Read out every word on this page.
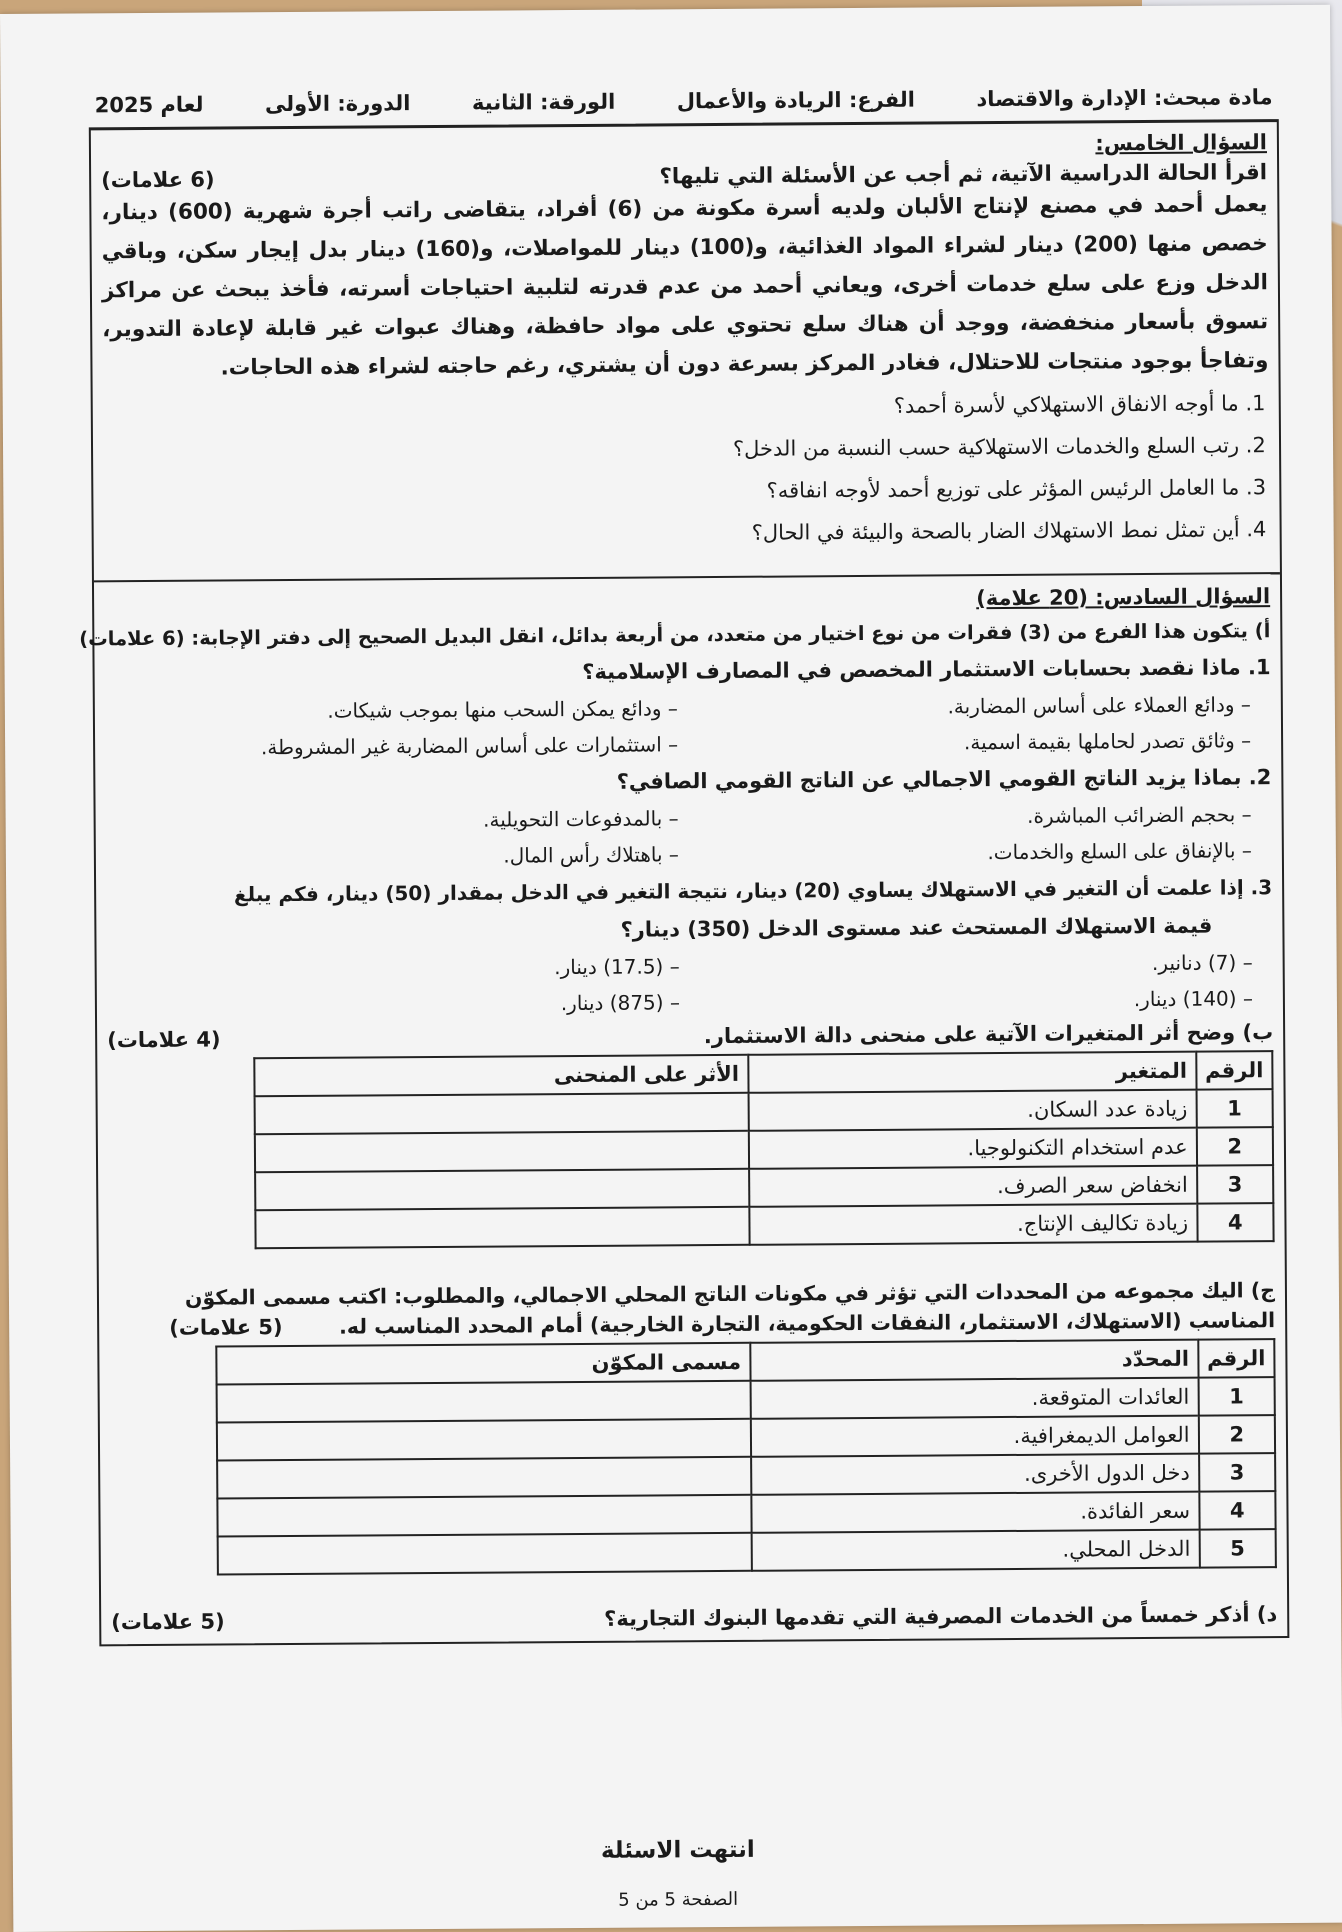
مادة مبحث: الإدارة والاقتصاد
الفرع: الريادة والأعمال
الورقة: الثانية
الدورة: الأولى
لعام 2025
السؤال الخامس:
اقرأ الحالة الدراسية الآتية، ثم أجب عن الأسئلة التي تليها؟
(6 علامات)
يعمل أحمد في مصنع لإنتاج الألبان ولديه أسرة مكونة من (6) أفراد، يتقاضى راتب أجرة شهرية (600) دينار، خصص منها (200) دينار لشراء المواد الغذائية، و(100) دينار للمواصلات، و(160) دينار بدل إيجار سكن، وباقي الدخل وزع على سلع خدمات أخرى، ويعاني أحمد من عدم قدرته لتلبية احتياجات أسرته، فأخذ يبحث عن مراكز تسوق بأسعار منخفضة، ووجد أن هناك سلع تحتوي على مواد حافظة، وهناك عبوات غير قابلة لإعادة التدوير، وتفاجأ بوجود منتجات للاحتلال، فغادر المركز بسرعة دون أن يشتري، رغم حاجته لشراء هذه الحاجات.
1. ما أوجه الانفاق الاستهلاكي لأسرة أحمد؟
2. رتب السلع والخدمات الاستهلاكية حسب النسبة من الدخل؟
3. ما العامل الرئيس المؤثر على توزيع أحمد لأوجه انفاقه؟
4. أين تمثل نمط الاستهلاك الضار بالصحة والبيئة في الحال؟
السؤال السادس: (20 علامة)
أ) يتكون هذا الفرع من (3) فقرات من نوع اختيار من متعدد، من أربعة بدائل، انقل البديل الصحيح إلى دفتر الإجابة: (6 علامات)
1. ماذا نقصد بحسابات الاستثمار المخصص في المصارف الإسلامية؟
– ودائع العملاء على أساس المضاربة.
– ودائع يمكن السحب منها بموجب شيكات.
– وثائق تصدر لحاملها بقيمة اسمية.
– استثمارات على أساس المضاربة غير المشروطة.
2. بماذا يزيد الناتج القومي الاجمالي عن الناتج القومي الصافي؟
– بحجم الضرائب المباشرة.
– بالمدفوعات التحويلية.
– بالإنفاق على السلع والخدمات.
– باهتلاك رأس المال.
3. إذا علمت أن التغير في الاستهلاك يساوي (20) دينار، نتيجة التغير في الدخل بمقدار (50) دينار، فكم يبلغ
قيمة الاستهلاك المستحث عند مستوى الدخل (350) دينار؟
– (7) دنانير.
– (17.5) دينار.
– (140) دينار.
– (875) دينار.
ب) وضح أثر المتغيرات الآتية على منحنى دالة الاستثمار.
(4 علامات)
الرقم	المتغير	الأثر على المنحنى
1	زيادة عدد السكان.	
2	عدم استخدام التكنولوجيا.	
3	انخفاض سعر الصرف.	
4	زيادة تكاليف الإنتاج.	
ج) اليك مجموعه من المحددات التي تؤثر في مكونات الناتج المحلي الاجمالي، والمطلوب: اكتب مسمى المكوّن
المناسب (الاستهلاك، الاستثمار، النفقات الحكومية، التجارة الخارجية) أمام المحدد المناسب له.
(5 علامات)
الرقم	المحدّد	مسمى المكوّن
1	العائدات المتوقعة.	
2	العوامل الديمغرافية.	
3	دخل الدول الأخرى.	
4	سعر الفائدة.	
5	الدخل المحلي.	
د) أذكر خمساً من الخدمات المصرفية التي تقدمها البنوك التجارية؟
(5 علامات)
انتهت الاسئلة
الصفحة 5 من 5
